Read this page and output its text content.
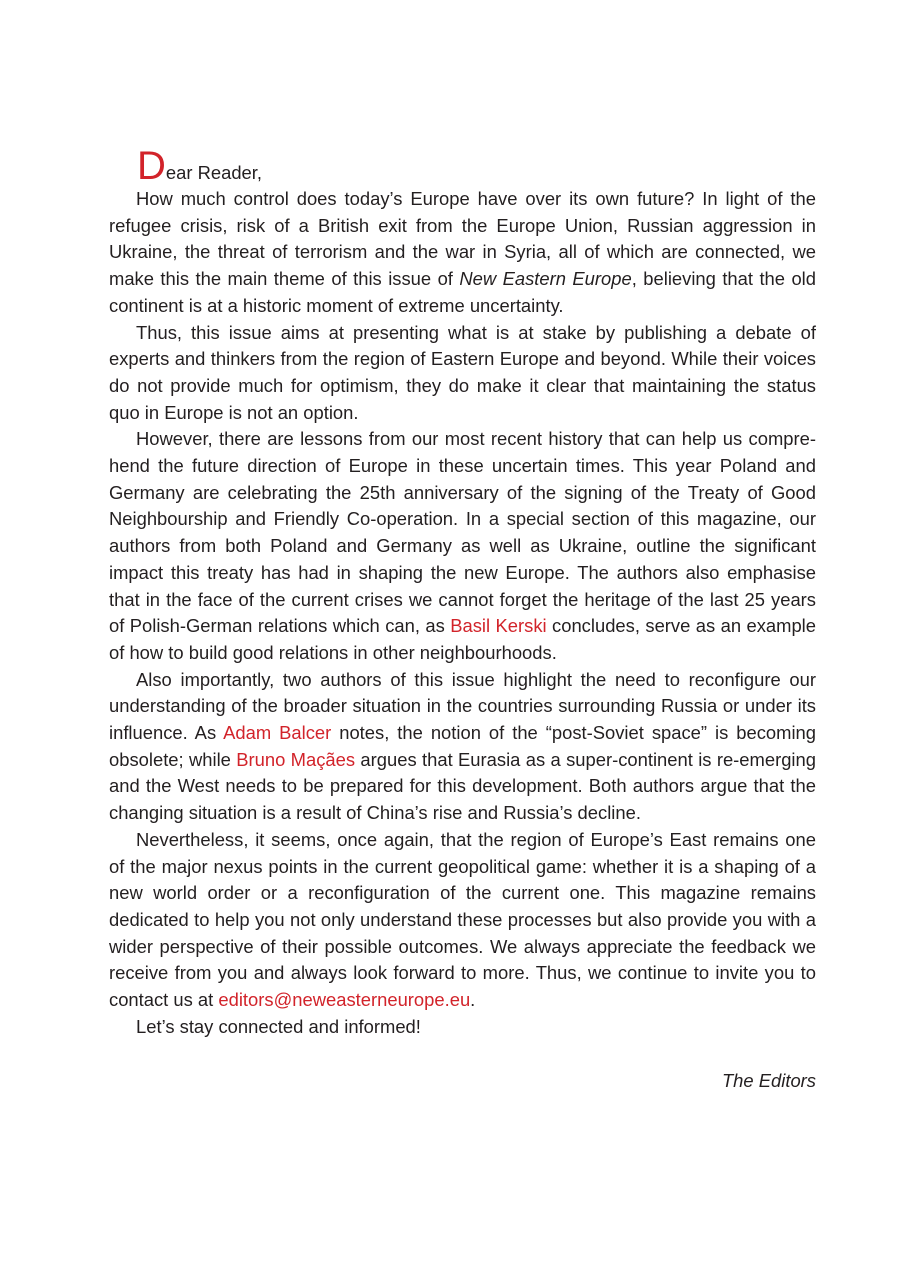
Dear Reader,

How much control does today’s Europe have over its own future? In light of the refugee crisis, risk of a British exit from the Europe Union, Russian aggression in Ukraine, the threat of terrorism and the war in Syria, all of which are connected, we make this the main theme of this issue of New Eastern Europe, believing that the old continent is at a historic moment of extreme uncertainty.

Thus, this issue aims at presenting what is at stake by publishing a debate of experts and thinkers from the region of Eastern Europe and beyond. While their voices do not provide much for optimism, they do make it clear that maintaining the status quo in Europe is not an option.

However, there are lessons from our most recent history that can help us comprehend the future direction of Europe in these uncertain times. This year Poland and Germany are celebrating the 25th anniversary of the signing of the Treaty of Good Neighbourship and Friendly Co-operation. In a special section of this magazine, our authors from both Poland and Germany as well as Ukraine, outline the significant impact this treaty has had in shaping the new Europe. The authors also emphasise that in the face of the current crises we cannot forget the heritage of the last 25 years of Polish-German relations which can, as Basil Kerski concludes, serve as an example of how to build good relations in other neighbourhoods.

Also importantly, two authors of this issue highlight the need to reconfigure our understanding of the broader situation in the countries surrounding Russia or under its influence. As Adam Balcer notes, the notion of the “post-Soviet space” is becoming obsolete; while Bruno Maçães argues that Eurasia as a super-continent is re-emerging and the West needs to be prepared for this development. Both authors argue that the changing situation is a result of China’s rise and Russia’s decline.

Nevertheless, it seems, once again, that the region of Europe’s East remains one of the major nexus points in the current geopolitical game: whether it is a shaping of a new world order or a reconfiguration of the current one. This magazine remains dedicated to help you not only understand these processes but also provide you with a wider perspective of their possible outcomes. We always appreciate the feedback we receive from you and always look forward to more. Thus, we continue to invite you to contact us at editors@neweasterneurope.eu.

Let’s stay connected and informed!

The Editors
